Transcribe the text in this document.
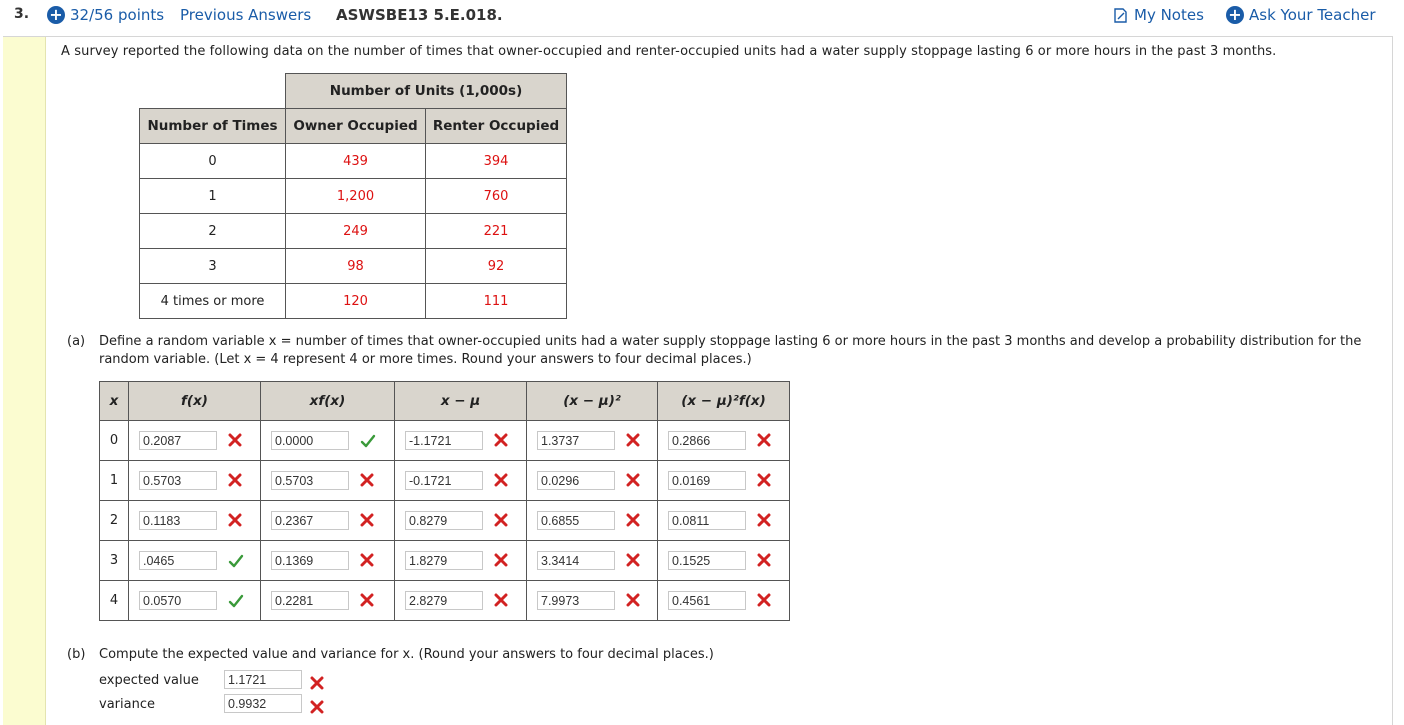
3. + 32/56 points Previous Answers ASWSBE13 5.E.018.	My Notes + Ask Your Teacher
A survey reported the following data on the number of times that owner-occupied and renter-occupied units had a water supply stoppage lasting 6 or more hours in the past 3 months.
	Number of Units (1,000s)	
Number of Times	Owner Occupied	Renter Occupied
0	439	394
1	1,200	760
2	249	221
3	98	92
4 times or more	120	111
(a) Define a random variable x = number of times that owner-occupied units had a water supply stoppage lasting 6 or more hours in the past 3 months and develop a probability distribution for the random variable. (Let x = 4 represent 4 or more times. Round your answers to four decimal places.)
x	f(x)	xf(x)	x − μ	(x − μ)²	(x − μ)²f(x)
0	0.2087	0.0000	-1.1721	1.3737	0.2866

1	0.5703	0.5703	-0.1721	0.0296	0.0169

2	0.1183	0.2367	0.8279	0.6855	0.0811

3	.0465	0.1369	1.8279	3.3414	0.1525

4	0.0570	0.2281	2.8279	7.9973	0.4561
(b) Compute the expected value and variance for x. (Round your answers to four decimal places.)
expected value	1.1721
variance	0.9932
